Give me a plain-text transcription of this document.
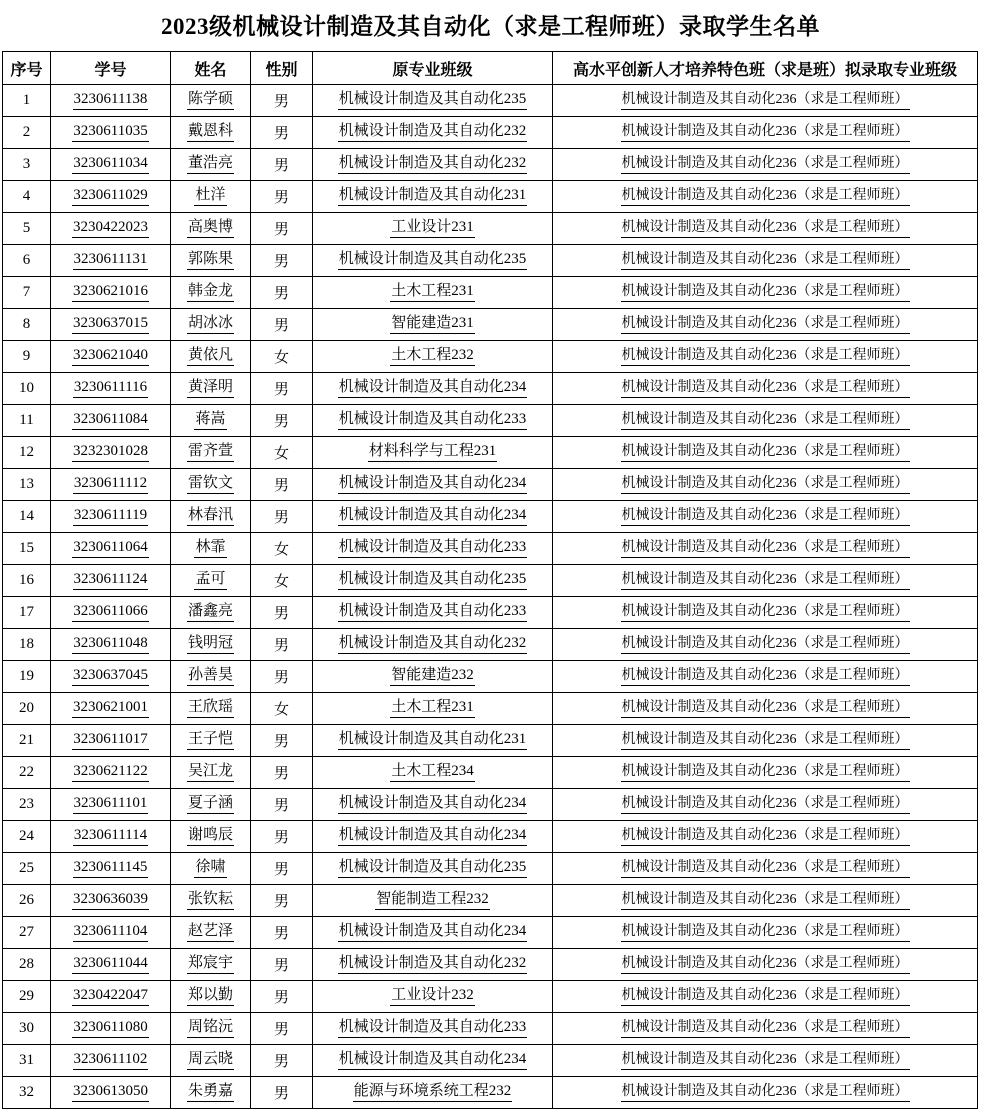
2023级机械设计制造及其自动化（求是工程师班）录取学生名单
序号	学号	姓名	性别	原专业班级	高水平创新人才培养特色班（求是班）拟录取专业班级
1	3230611138	陈学硕	男	机械设计制造及其自动化235	机械设计制造及其自动化236（求是工程师班）
2	3230611035	戴恩科	男	机械设计制造及其自动化232	机械设计制造及其自动化236（求是工程师班）
3	3230611034	董浩亮	男	机械设计制造及其自动化232	机械设计制造及其自动化236（求是工程师班）
4	3230611029	杜洋	男	机械设计制造及其自动化231	机械设计制造及其自动化236（求是工程师班）
5	3230422023	高奥博	男	工业设计231	机械设计制造及其自动化236（求是工程师班）
6	3230611131	郭陈果	男	机械设计制造及其自动化235	机械设计制造及其自动化236（求是工程师班）
7	3230621016	韩金龙	男	土木工程231	机械设计制造及其自动化236（求是工程师班）
8	3230637015	胡冰冰	男	智能建造231	机械设计制造及其自动化236（求是工程师班）
9	3230621040	黄依凡	女	土木工程232	机械设计制造及其自动化236（求是工程师班）
10	3230611116	黄泽明	男	机械设计制造及其自动化234	机械设计制造及其自动化236（求是工程师班）
11	3230611084	蒋嵩	男	机械设计制造及其自动化233	机械设计制造及其自动化236（求是工程师班）
12	3232301028	雷齐萱	女	材料科学与工程231	机械设计制造及其自动化236（求是工程师班）
13	3230611112	雷钦文	男	机械设计制造及其自动化234	机械设计制造及其自动化236（求是工程师班）
14	3230611119	林春汛	男	机械设计制造及其自动化234	机械设计制造及其自动化236（求是工程师班）
15	3230611064	林霏	女	机械设计制造及其自动化233	机械设计制造及其自动化236（求是工程师班）
16	3230611124	孟可	女	机械设计制造及其自动化235	机械设计制造及其自动化236（求是工程师班）
17	3230611066	潘鑫亮	男	机械设计制造及其自动化233	机械设计制造及其自动化236（求是工程师班）
18	3230611048	钱明冠	男	机械设计制造及其自动化232	机械设计制造及其自动化236（求是工程师班）
19	3230637045	孙善昊	男	智能建造232	机械设计制造及其自动化236（求是工程师班）
20	3230621001	王欣瑶	女	土木工程231	机械设计制造及其自动化236（求是工程师班）
21	3230611017	王子恺	男	机械设计制造及其自动化231	机械设计制造及其自动化236（求是工程师班）
22	3230621122	吴江龙	男	土木工程234	机械设计制造及其自动化236（求是工程师班）
23	3230611101	夏子涵	男	机械设计制造及其自动化234	机械设计制造及其自动化236（求是工程师班）
24	3230611114	谢鸣辰	男	机械设计制造及其自动化234	机械设计制造及其自动化236（求是工程师班）
25	3230611145	徐啸	男	机械设计制造及其自动化235	机械设计制造及其自动化236（求是工程师班）
26	3230636039	张钦耘	男	智能制造工程232	机械设计制造及其自动化236（求是工程师班）
27	3230611104	赵艺泽	男	机械设计制造及其自动化234	机械设计制造及其自动化236（求是工程师班）
28	3230611044	郑宸宇	男	机械设计制造及其自动化232	机械设计制造及其自动化236（求是工程师班）
29	3230422047	郑以勤	男	工业设计232	机械设计制造及其自动化236（求是工程师班）
30	3230611080	周铭沅	男	机械设计制造及其自动化233	机械设计制造及其自动化236（求是工程师班）
31	3230611102	周云晓	男	机械设计制造及其自动化234	机械设计制造及其自动化236（求是工程师班）
32	3230613050	朱勇嘉	男	能源与环境系统工程232	机械设计制造及其自动化236（求是工程师班）
